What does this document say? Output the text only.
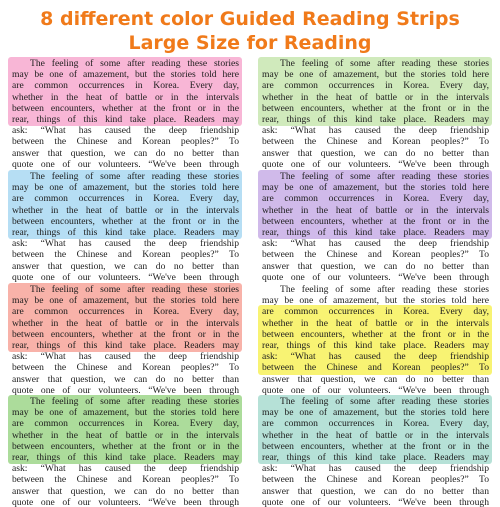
8 different color Guided Reading Strips
Large Size for Reading
The feeling of some after reading these stories
may be one of amazement, but the stories told here
are common occurrences in Korea. Every day,
whether in the heat of battle or in the intervals
between encounters, whether at the front or in the
rear, things of this kind take place. Readers may
ask: “What has caused the deep friendship
between the Chinese and Korean peoples?” To
answer that question, we can do no better than
quote one of our volunteers. “We've been through
The feeling of some after reading these stories
may be one of amazement, but the stories told here
are common occurrences in Korea. Every day,
whether in the heat of battle or in the intervals
between encounters, whether at the front or in the
rear, things of this kind take place. Readers may
ask: “What has caused the deep friendship
between the Chinese and Korean peoples?” To
answer that question, we can do no better than
quote one of our volunteers. “We've been through
The feeling of some after reading these stories
may be one of amazement, but the stories told here
are common occurrences in Korea. Every day,
whether in the heat of battle or in the intervals
between encounters, whether at the front or in the
rear, things of this kind take place. Readers may
ask: “What has caused the deep friendship
between the Chinese and Korean peoples?” To
answer that question, we can do no better than
quote one of our volunteers. “We've been through
The feeling of some after reading these stories
may be one of amazement, but the stories told here
are common occurrences in Korea. Every day,
whether in the heat of battle or in the intervals
between encounters, whether at the front or in the
rear, things of this kind take place. Readers may
ask: “What has caused the deep friendship
between the Chinese and Korean peoples?” To
answer that question, we can do no better than
quote one of our volunteers. “We've been through
The feeling of some after reading these stories
may be one of amazement, but the stories told here
are common occurrences in Korea. Every day,
whether in the heat of battle or in the intervals
between encounters, whether at the front or in the
rear, things of this kind take place. Readers may
ask: “What has caused the deep friendship
between the Chinese and Korean peoples?” To
answer that question, we can do no better than
quote one of our volunteers. “We've been through
The feeling of some after reading these stories
may be one of amazement, but the stories told here
are common occurrences in Korea. Every day,
whether in the heat of battle or in the intervals
between encounters, whether at the front or in the
rear, things of this kind take place. Readers may
ask: “What has caused the deep friendship
between the Chinese and Korean peoples?” To
answer that question, we can do no better than
quote one of our volunteers. “We've been through
The feeling of some after reading these stories
may be one of amazement, but the stories told here
are common occurrences in Korea. Every day,
whether in the heat of battle or in the intervals
between encounters, whether at the front or in the
rear, things of this kind take place. Readers may
ask: “What has caused the deep friendship
between the Chinese and Korean peoples?” To
answer that question, we can do no better than
quote one of our volunteers. “We've been through
The feeling of some after reading these stories
may be one of amazement, but the stories told here
are common occurrences in Korea. Every day,
whether in the heat of battle or in the intervals
between encounters, whether at the front or in the
rear, things of this kind take place. Readers may
ask: “What has caused the deep friendship
between the Chinese and Korean peoples?” To
answer that question, we can do no better than
quote one of our volunteers. “We've been through
